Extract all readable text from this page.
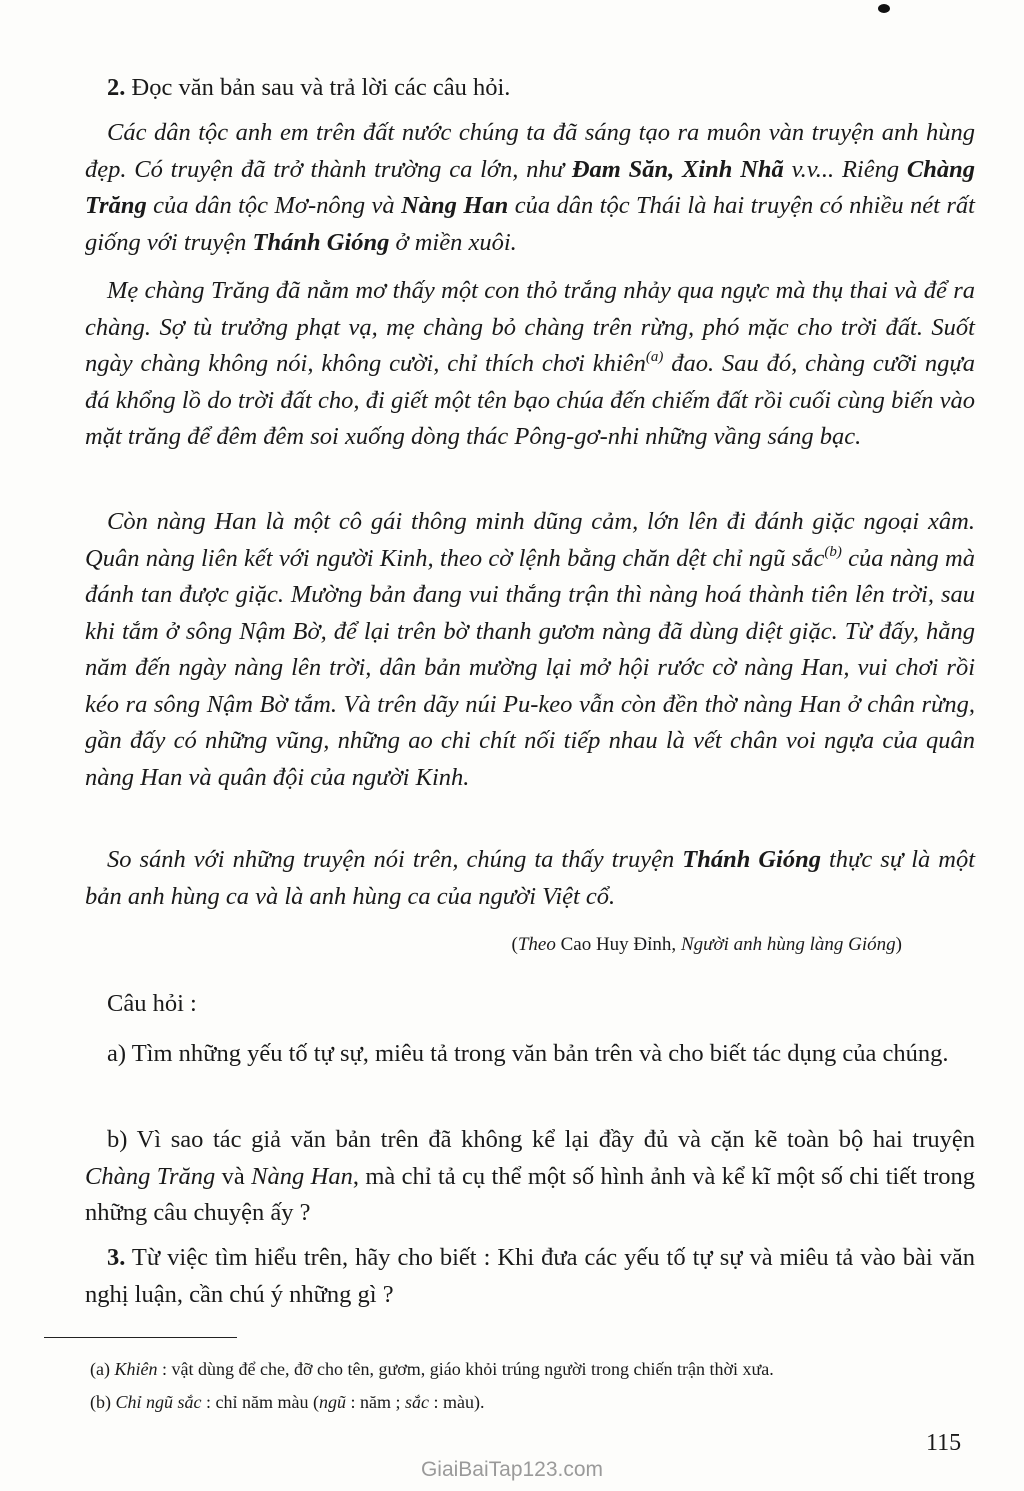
2. Đọc văn bản sau và trả lời các câu hỏi.
Các dân tộc anh em trên đất nước chúng ta đã sáng tạo ra muôn vàn truyện anh hùng đẹp. Có truyện đã trở thành trường ca lớn, như Đam Săn, Xinh Nhã v.v... Riêng Chàng Trăng của dân tộc Mơ-nông và Nàng Han của dân tộc Thái là hai truyện có nhiều nét rất giống với truyện Thánh Gióng ở miền xuôi.
Mẹ chàng Trăng đã nằm mơ thấy một con thỏ trắng nhảy qua ngực mà thụ thai và để ra chàng. Sợ tù trưởng phạt vạ, mẹ chàng bỏ chàng trên rừng, phó mặc cho trời đất. Suốt ngày chàng không nói, không cười, chỉ thích chơi khiên$^{(a)}$ đao. Sau đó, chàng cưỡi ngựa đá khổng lồ do trời đất cho, đi giết một tên bạo chúa đến chiếm đất rồi cuối cùng biến vào mặt trăng để đêm đêm soi xuống dòng thác Pông-gơ-nhi những vầng sáng bạc.
Còn nàng Han là một cô gái thông minh dũng cảm, lớn lên đi đánh giặc ngoại xâm. Quân nàng liên kết với người Kinh, theo cờ lệnh bằng chăn dệt chỉ ngũ sắc$^{(b)}$ của nàng mà đánh tan được giặc. Mường bản đang vui thắng trận thì nàng hoá thành tiên lên trời, sau khi tắm ở sông Nậm Bờ, để lại trên bờ thanh gươm nàng đã dùng diệt giặc. Từ đấy, hằng năm đến ngày nàng lên trời, dân bản mường lại mở hội rước cờ nàng Han, vui chơi rồi kéo ra sông Nậm Bờ tắm. Và trên dãy núi Pu-keo vẫn còn đền thờ nàng Han ở chân rừng, gần đấy có những vũng, những ao chi chít nối tiếp nhau là vết chân voi ngựa của quân nàng Han và quân đội của người Kinh.
So sánh với những truyện nói trên, chúng ta thấy truyện Thánh Gióng thực sự là một bản anh hùng ca và là anh hùng ca của người Việt cổ.
(Theo Cao Huy Đỉnh, Người anh hùng làng Gióng)
Câu hỏi :
a) Tìm những yếu tố tự sự, miêu tả trong văn bản trên và cho biết tác dụng của chúng.
b) Vì sao tác giả văn bản trên đã không kể lại đầy đủ và cặn kẽ toàn bộ hai truyện Chàng Trăng và Nàng Han, mà chỉ tả cụ thể một số hình ảnh và kể kĩ một số chi tiết trong những câu chuyện ấy ?
3. Từ việc tìm hiểu trên, hãy cho biết : Khi đưa các yếu tố tự sự và miêu tả vào bài văn nghị luận, cần chú ý những gì ?
(a) Khiên : vật dùng để che, đỡ cho tên, gươm, giáo khỏi trúng người trong chiến trận thời xưa.
(b) Chỉ ngũ sắc : chỉ năm màu (ngũ : năm ; sắc : màu).
115
GiaiBaiTap123.com
